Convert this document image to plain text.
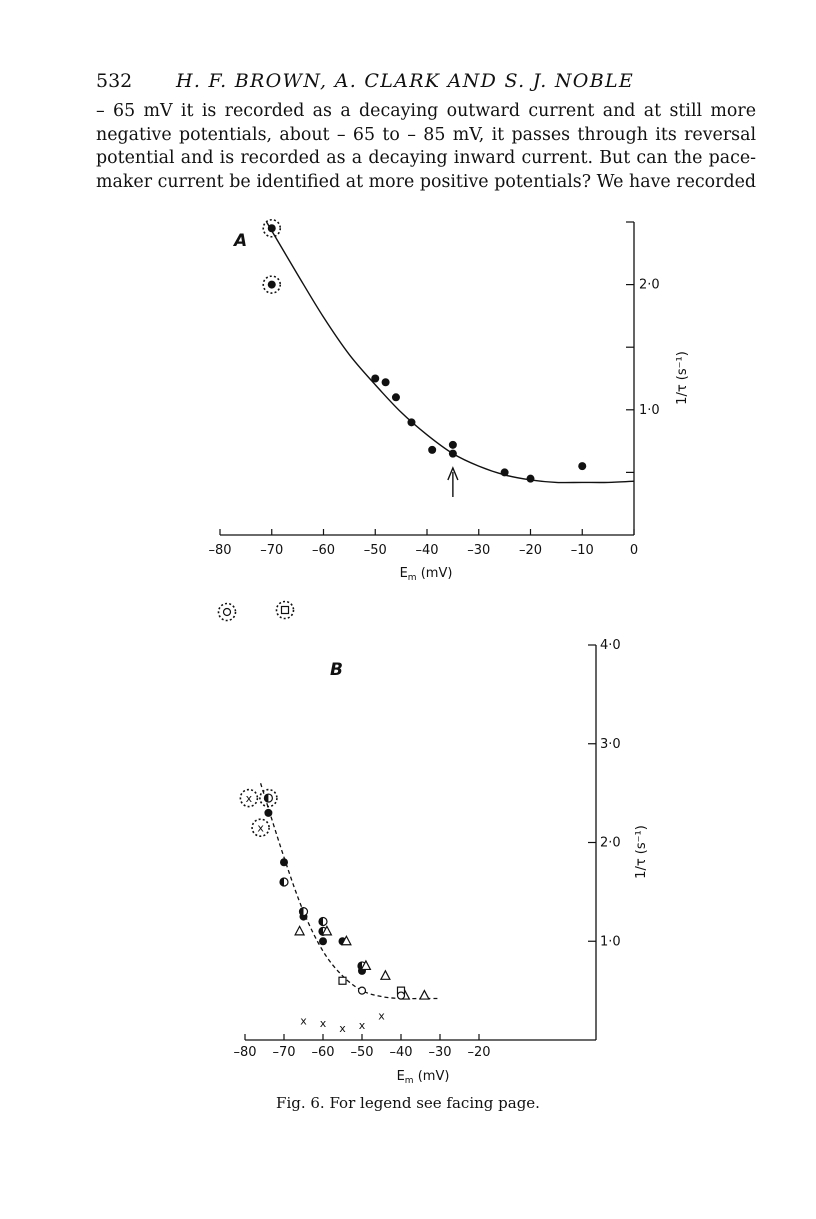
532 H. F. BROWN, A. CLARK AND S. J. NOBLE
– 65 mV it is recorded as a decaying outward current and at still more
negative potentials, about – 65 to – 85 mV, it passes through its reversal
potential and is recorded as a decaying inward current. But can the pace-
maker current be identified at more positive potentials? We have recorded
–80 –70 –60 –50 –40 –30 –20 –10	0
1·0
2·0
$E_m$ (mV)
1/τ (s⁻¹)
A
–80 –70 –60 –50 –40 –30 –20
1·0
2·0
3·0
4·0
$E_m$ (mV)
1/τ (s⁻¹)
B
x x x x
x
x
x
Fig. 6. For legend see facing page.
